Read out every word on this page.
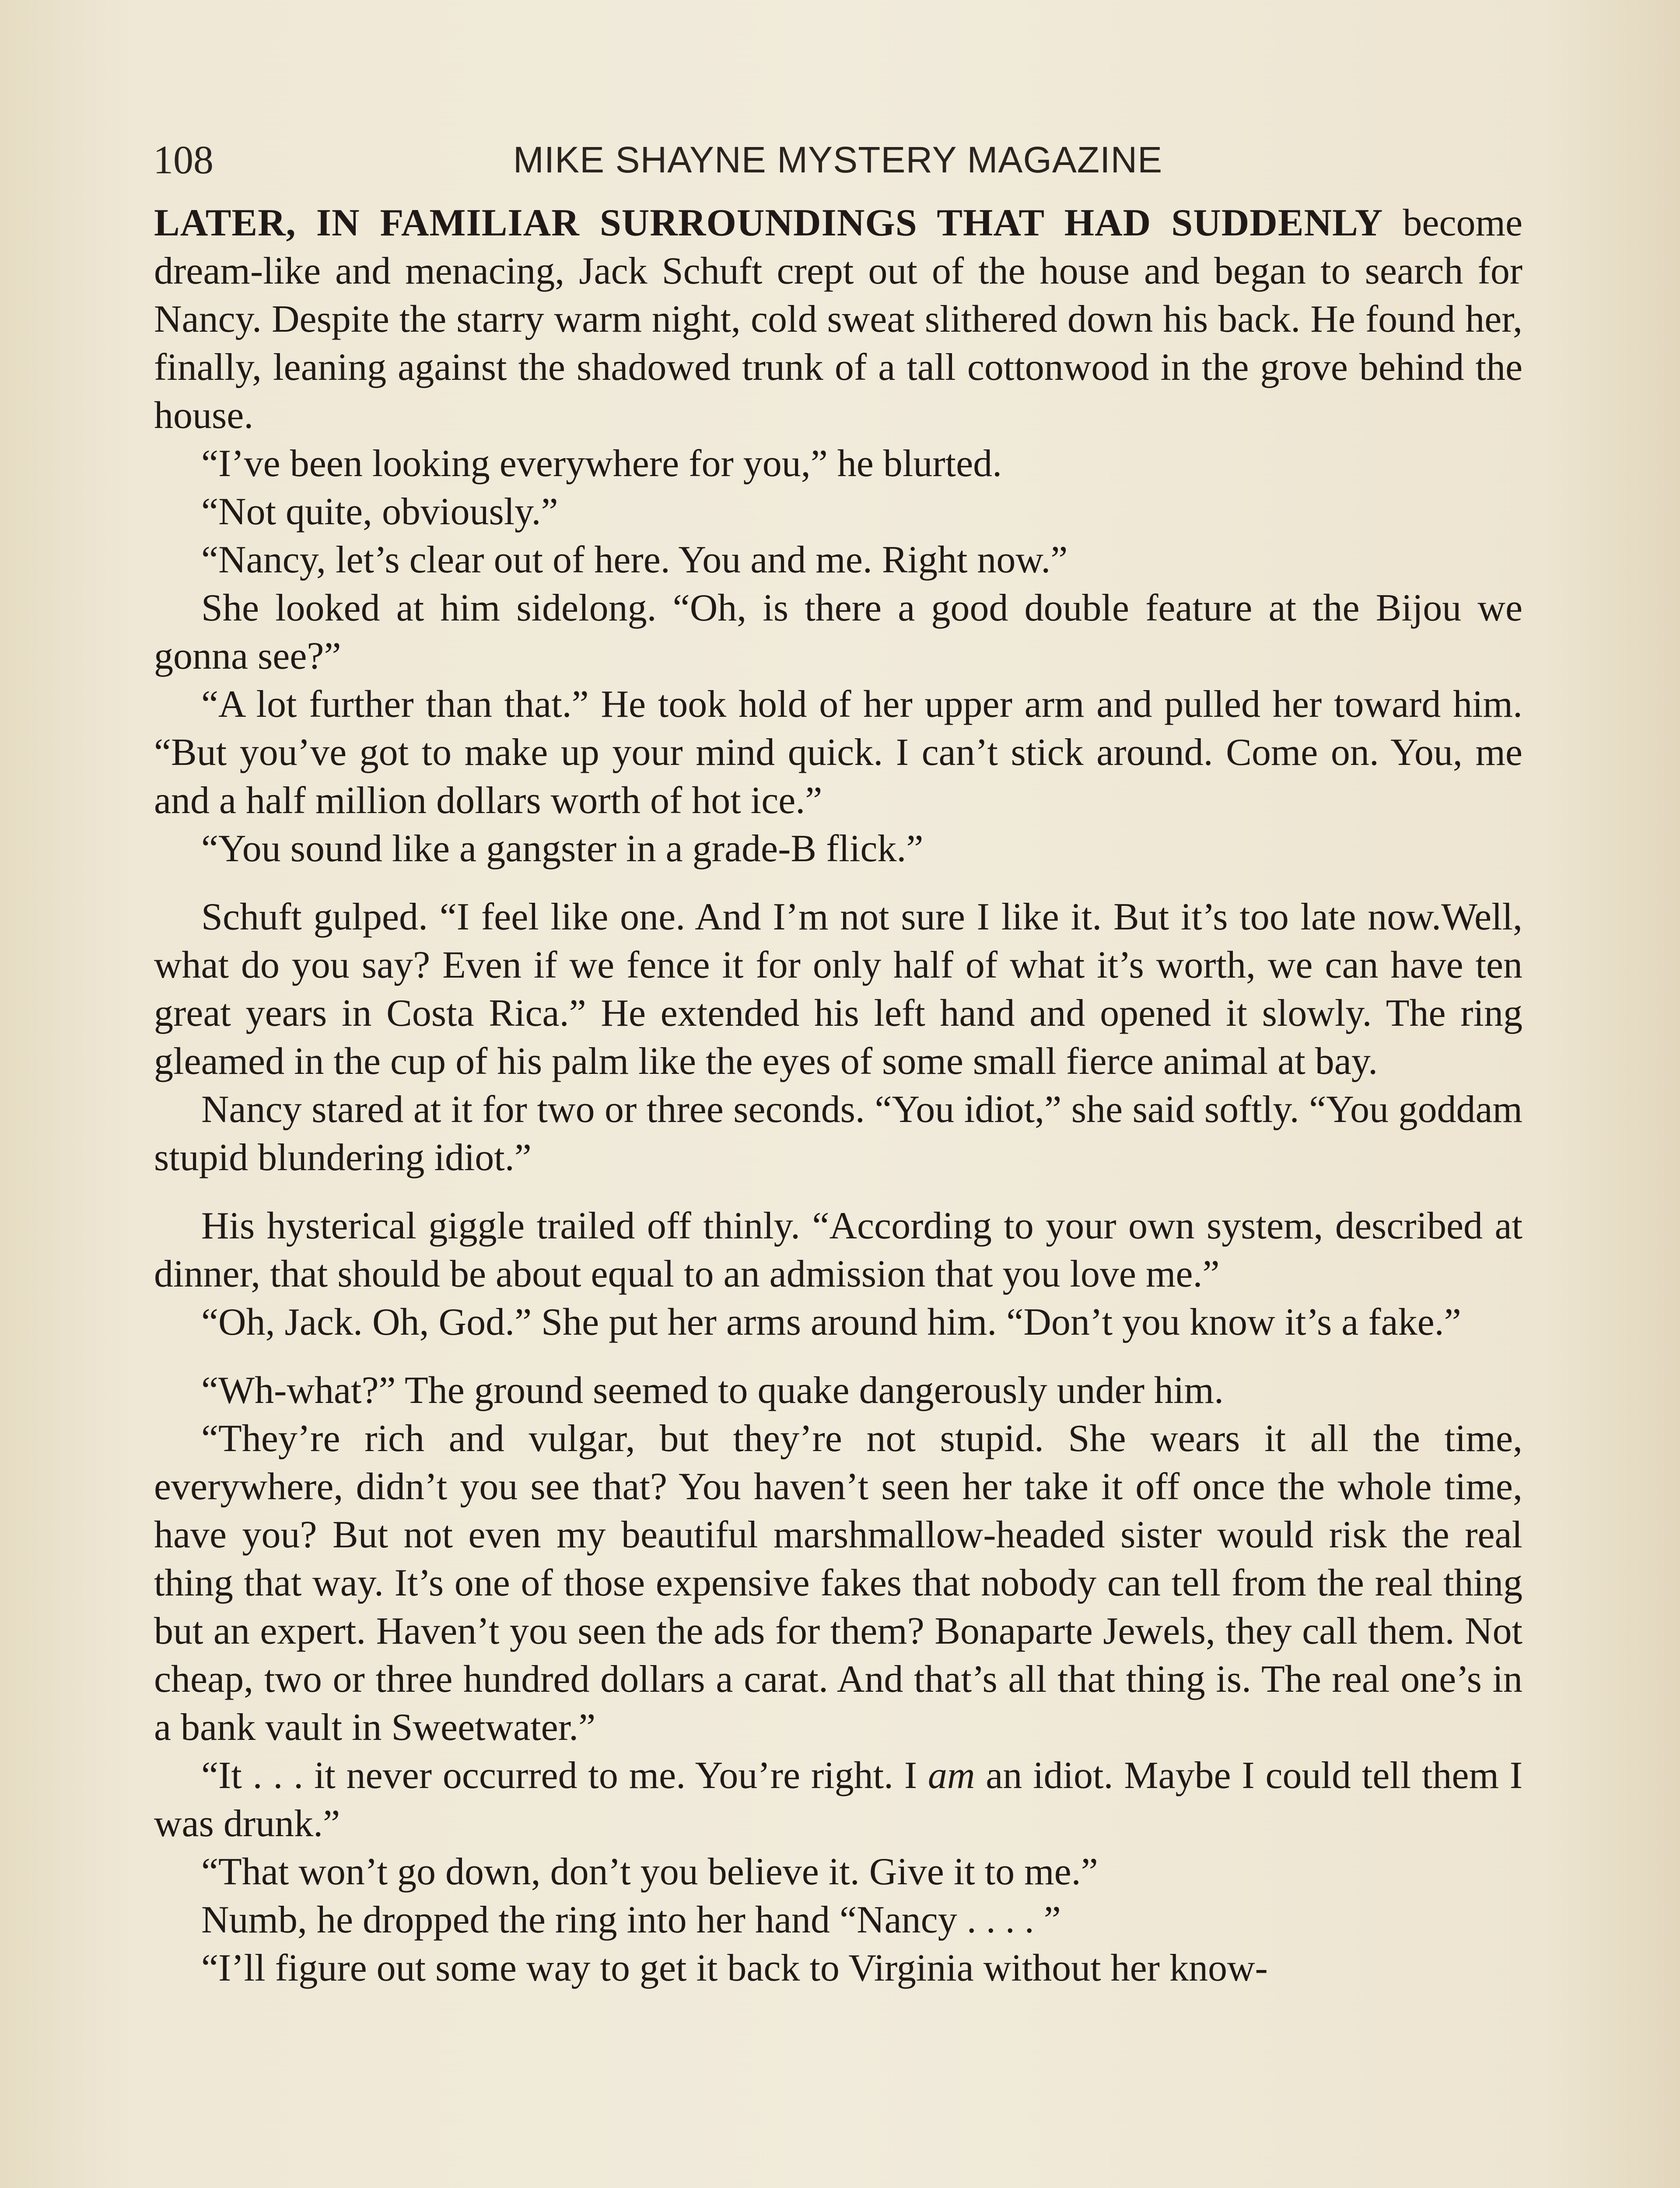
108	MIKE SHAYNE MYSTERY MAGAZINE

LATER, IN FAMILIAR SURROUNDINGS THAT HAD SUDDENLY become dream-like and menacing, Jack Schuft crept out of the house and began to search for Nancy. Despite the starry warm night, cold sweat slithered down his back. He found her, finally, leaning against the shadowed trunk of a tall cottonwood in the grove behind the house.

“I’ve been looking everywhere for you,” he blurted.

“Not quite, obviously.”

“Nancy, let’s clear out of here. You and me. Right now.”

She looked at him sidelong. “Oh, is there a good double feature at the Bijou we gonna see?”

“A lot further than that.” He took hold of her upper arm and pulled her toward him. “But you’ve got to make up your mind quick. I can’t stick around. Come on. You, me and a half million dollars worth of hot ice.”

“You sound like a gangster in a grade-B flick.”

Schuft gulped. “I feel like one. And I’m not sure I like it. But it’s too late now.Well, what do you say? Even if we fence it for only half of what it’s worth, we can have ten great years in Costa Rica.” He extended his left hand and opened it slowly. The ring gleamed in the cup of his palm like the eyes of some small fierce animal at bay.

Nancy stared at it for two or three seconds. “You idiot,” she said softly. “You goddam stupid blundering idiot.”

His hysterical giggle trailed off thinly. “According to your own system, described at dinner, that should be about equal to an admission that you love me.”

“Oh, Jack. Oh, God.” She put her arms around him. “Don’t you know it’s a fake.”

“Wh-what?” The ground seemed to quake dangerously under him.

“They’re rich and vulgar, but they’re not stupid. She wears it all the time, everywhere, didn’t you see that? You haven’t seen her take it off once the whole time, have you? But not even my beautiful marshmallow-headed sister would risk the real thing that way. It’s one of those expensive fakes that nobody can tell from the real thing but an expert. Haven’t you seen the ads for them? Bonaparte Jewels, they call them. Not cheap, two or three hundred dollars a carat. And that’s all that thing is. The real one’s in a bank vault in Sweetwater.”

“It . . . it never occurred to me. You’re right. I am an idiot. Maybe I could tell them I was drunk.”

“That won’t go down, don’t you believe it. Give it to me.”

Numb, he dropped the ring into her hand “Nancy . . . . ”

“I’ll figure out some way to get it back to Virginia without her know-
